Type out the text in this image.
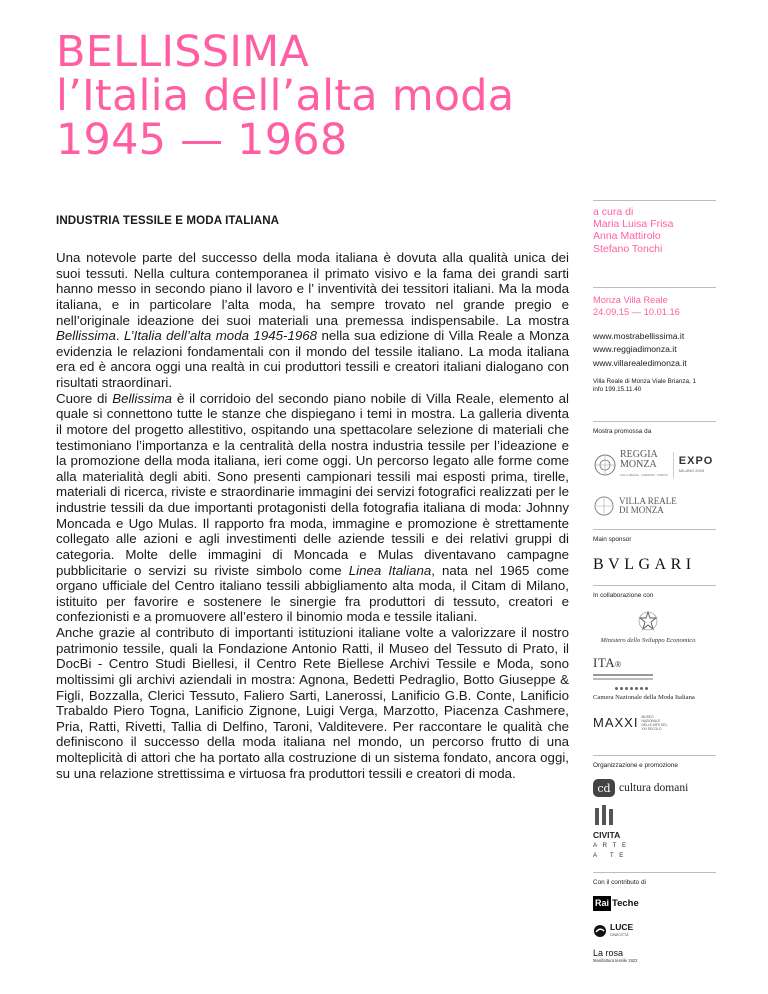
BELLISSIMA
l’Italia dell’alta moda
1945 — 1968
INDUSTRIA TESSILE E MODA ITALIANA

Una notevole parte del successo della moda italiana è dovuta alla qualità unica dei suoi tessuti. Nella cultura contemporanea il primato visivo e la fama dei grandi sarti hanno messo in secondo piano il lavoro e l’ inventività dei tessitori italiani. Ma la moda italiana, e in particolare l’alta moda, ha sempre trovato nel grande pregio e nell’originale ideazione dei suoi materiali una premessa indispensabile. La mostra Bellissima. L’Italia dell’alta moda 1945-1968 nella sua edizione di Villa Reale a Monza evidenzia le relazioni fondamentali con il mondo del tessile italiano. La moda italiana era ed è ancora oggi una realtà in cui produttori tessili e creatori italiani dialogano con risultati straordinari.

Cuore di Bellissima è il corridoio del secondo piano nobile di Villa Reale, elemento al quale si connettono tutte le stanze che dispiegano i temi in mostra. La galleria diventa il motore del progetto allestitivo, ospitando una spettacolare selezione di materiali che testimoniano l’importanza e la centralità della nostra industria tessile per l’ideazione e la promozione della moda italiana, ieri come oggi. Un percorso legato alle forme come alla materialità degli abiti. Sono presenti campionari tessili mai esposti prima, tirelle, materiali di ricerca, riviste e straordinarie immagini dei servizi fotografici realizzati per le industrie tessili da due importanti protagonisti della fotografia italiana di moda: Johnny Moncada e Ugo Mulas. Il rapporto fra moda, immagine e promozione è strettamente collegato alle azioni e agli investimenti delle aziende tessili e dei relativi gruppi di categoria. Molte delle immagini di Moncada e Mulas diventavano campagne pubblicitarie o servizi su riviste simbolo come Linea Italiana, nata nel 1965 come organo ufficiale del Centro italiano tessili abbigliamento alta moda, il Citam di Milano, istituito per favorire e sostenere le sinergie fra produttori di tessuto, creatori e confezionisti e a promuovere all’estero il binomio moda e tessile italiani.

Anche grazie al contributo di importanti istituzioni italiane volte a valorizzare il nostro patrimonio tessile, quali la Fondazione Antonio Ratti, il Museo del Tessuto di Prato, il DocBi - Centro Studi Biellesi, il Centro Rete Biellese Archivi Tessile e Moda, sono moltissimi gli archivi aziendali in mostra: Agnona, Bedetti Pedraglio, Botto Giuseppe & Figli, Bozzalla, Clerici Tessuto, Faliero Sarti, Lanerossi, Lanificio G.B. Conte, Lanificio Trabaldo Piero Togna, Lanificio Zignone, Luigi Verga, Marzotto, Piacenza Cashmere, Pria, Ratti, Rivetti, Tallia di Delfino, Taroni, Valditevere. Per raccontare le qualità che definiscono il successo della moda italiana nel mondo, un percorso frutto di una molteplicità di attori che ha portato alla costruzione di un sistema fondato, ancora oggi, su una relazione strettissima e virtuosa fra produttori tessili e creatori di moda.

a cura di
Maria Luisa Frisa
Anna Mattirolo
Stefano Tonchi
Monza Villa Reale
24.09.15 — 10.01.16
www.mostrabellissima.it
www.reggiadimonza.it
www.villarealedimonza.it
Villa Reale di Monza Viale Brianza, 1
info 199.15.11.40
Mostra promossa da
REGGIA
MONZA
VILLA REALE · GIARDINI · PARCO
EXPO
MILANO 2015
VILLA REALE
DI MONZA
Main sponsor
BVLGARI
In collaborazione con
Ministero dello Sviluppo Economico
ITA®
Camera Nazionale della Moda Italiana
MAXXI MUSEO NAZIONALE DELLE ARTI DEL XXI SECOLO
Organizzazione e promozione
cd cultura domani
CIVITA
A R T E
A   T E
Con il contributo di
Rai Teche
LUCE
CINECITTÀ
La rosa
Manifattura tessile 1922
